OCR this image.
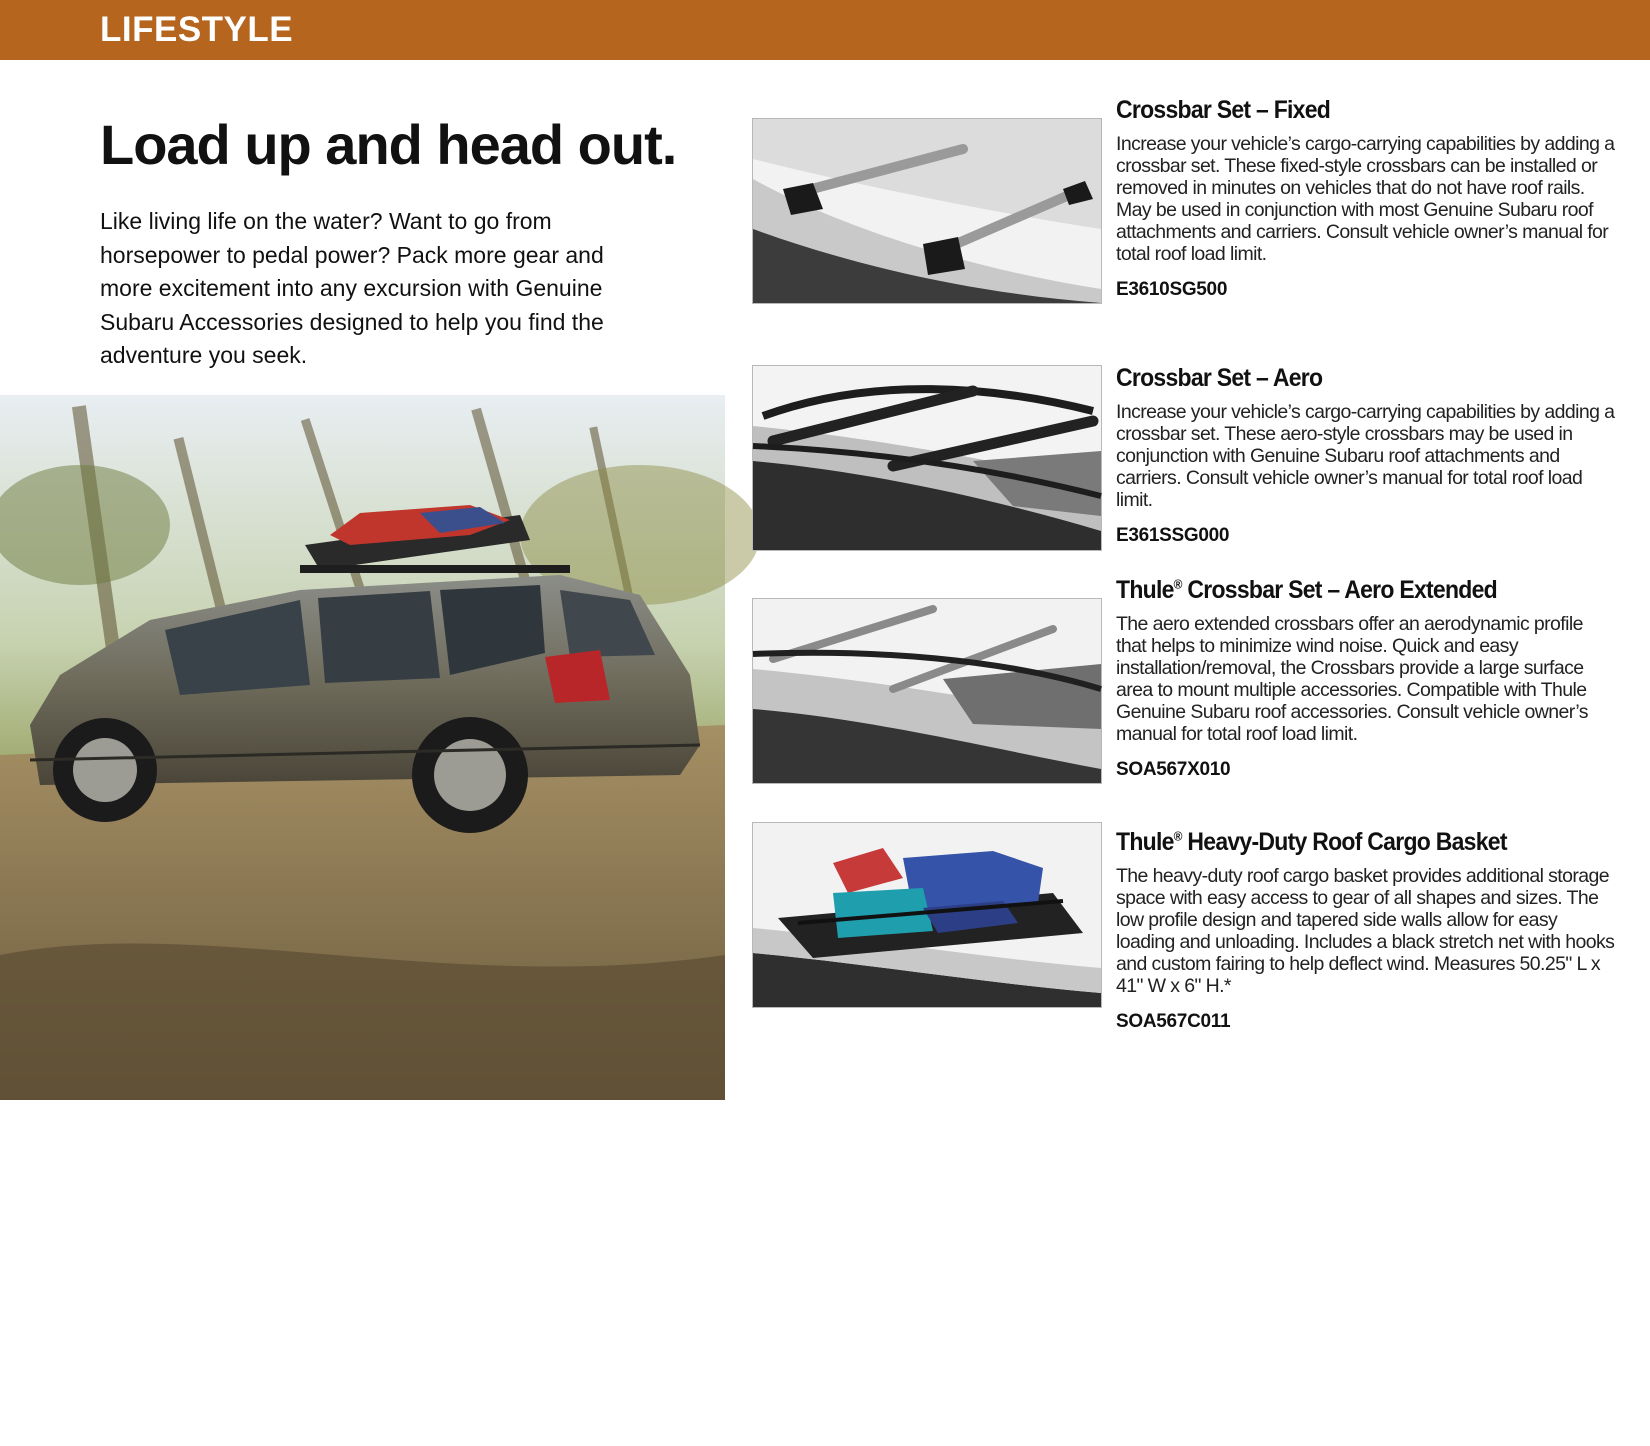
LIFESTYLE
Load up and head out.

Like living life on the water? Want to go from horsepower to pedal power? Pack more gear and more excitement into any excursion with Genuine Subaru Accessories designed to help you find the adventure you seek.

9
Crossbar Set – Fixed

Increase your vehicle’s cargo-carrying capabilities by adding a crossbar set. These fixed-style crossbars can be installed or removed in minutes on vehicles that do not have roof rails. May be used in conjunction with most Genuine Subaru roof attachments and carriers. Consult vehicle owner’s manual for total roof load limit.

E3610SG500

Crossbar Set – Aero

Increase your vehicle’s cargo-carrying capabilities by adding a crossbar set. These aero-style crossbars may be used in conjunction with Genuine Subaru roof attachments and carriers. Consult vehicle owner’s manual for total roof load limit.

E361SSG000

Thule® Crossbar Set – Aero Extended

The aero extended crossbars offer an aerodynamic profile that helps to minimize wind noise. Quick and easy installation/removal, the Crossbars provide a large surface area to mount multiple accessories. Compatible with Thule Genuine Subaru roof accessories. Consult vehicle owner’s manual for total roof load limit.

SOA567X010

Thule® Heavy-Duty Roof Cargo Basket

The heavy-duty roof cargo basket provides additional storage space with easy access to gear of all shapes and sizes. The low profile design and tapered side walls allow for easy loading and unloading. Includes a black stretch net with hooks and custom fairing to help deflect wind. Measures 50.25" L x 41" W x 6" H.*

SOA567C011
